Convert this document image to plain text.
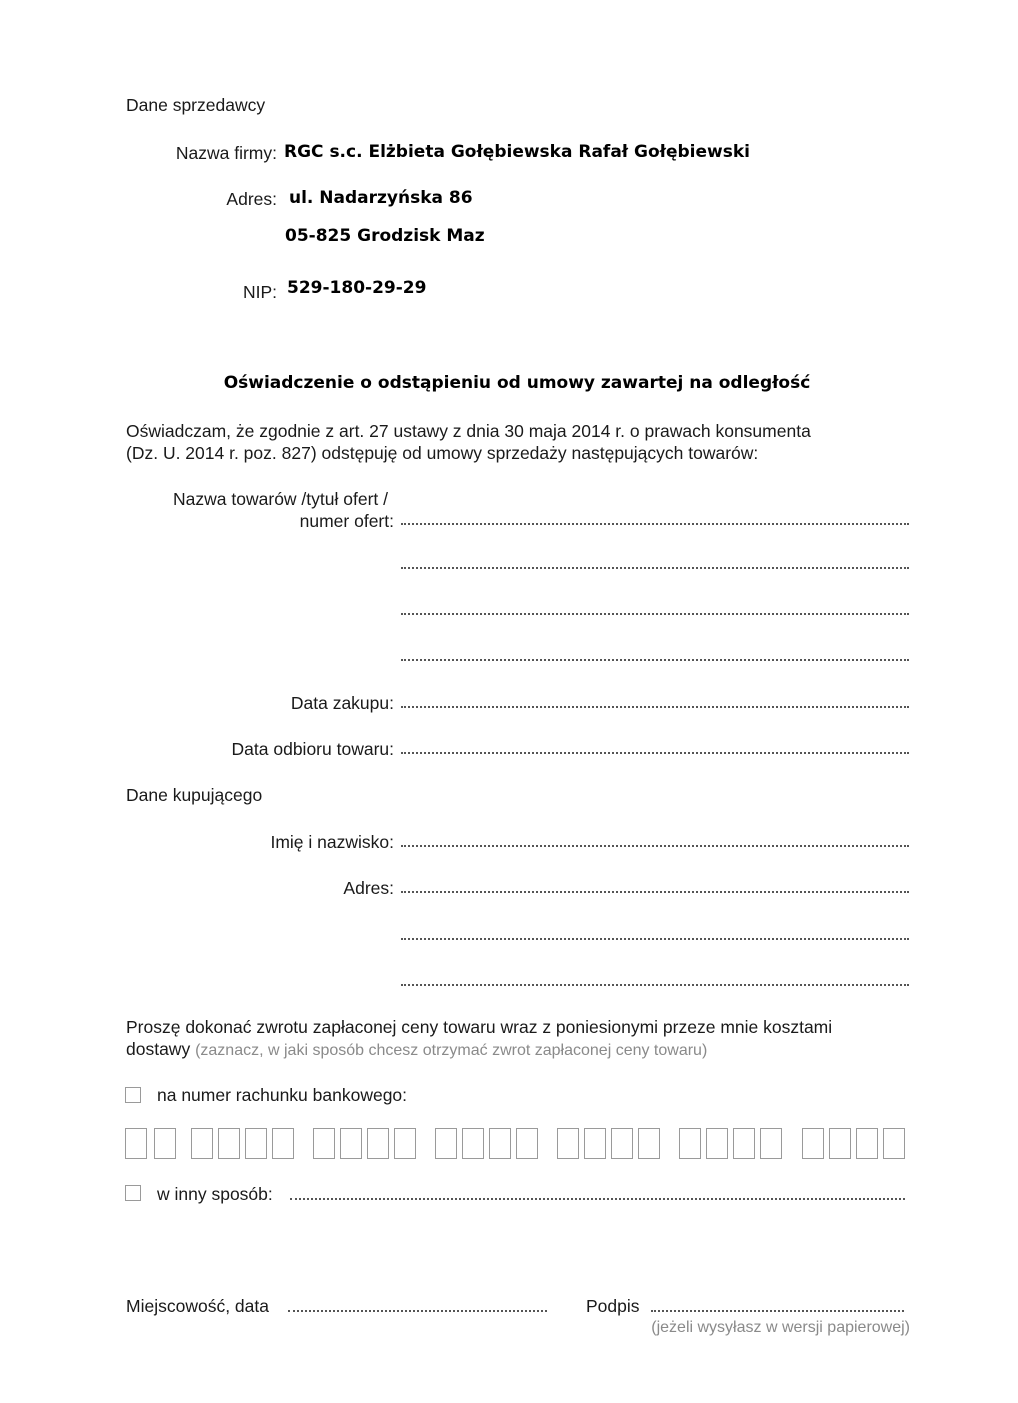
Dane sprzedawcy
Nazwa firmy: RGC s.c. Elżbieta Gołębiewska Rafał Gołębiewski
Adres: ul. Nadarzyńska 86
05-825 Grodzisk Maz
NIP: 529-180-29-29
Oświadczenie o odstąpieniu od umowy zawartej na odległość
Oświadczam, że zgodnie z art. 27 ustawy z dnia 30 maja 2014 r. o prawach konsumenta
(Dz. U. 2014 r. poz. 827) odstępuję od umowy sprzedaży następujących towarów:
Nazwa towarów /tytuł ofert /
numer ofert:
Data zakupu:
Data odbioru towaru:
Dane kupującego
Imię i nazwisko:
Adres:
Proszę dokonać zwrotu zapłaconej ceny towaru wraz z poniesionymi przeze mnie kosztami
dostawy (zaznacz, w jaki sposób chcesz otrzymać zwrot zapłaconej ceny towaru)
na numer rachunku bankowego:
w inny sposób:
Miejscowość, data	Podpis
(jeżeli wysyłasz w wersji papierowej)
